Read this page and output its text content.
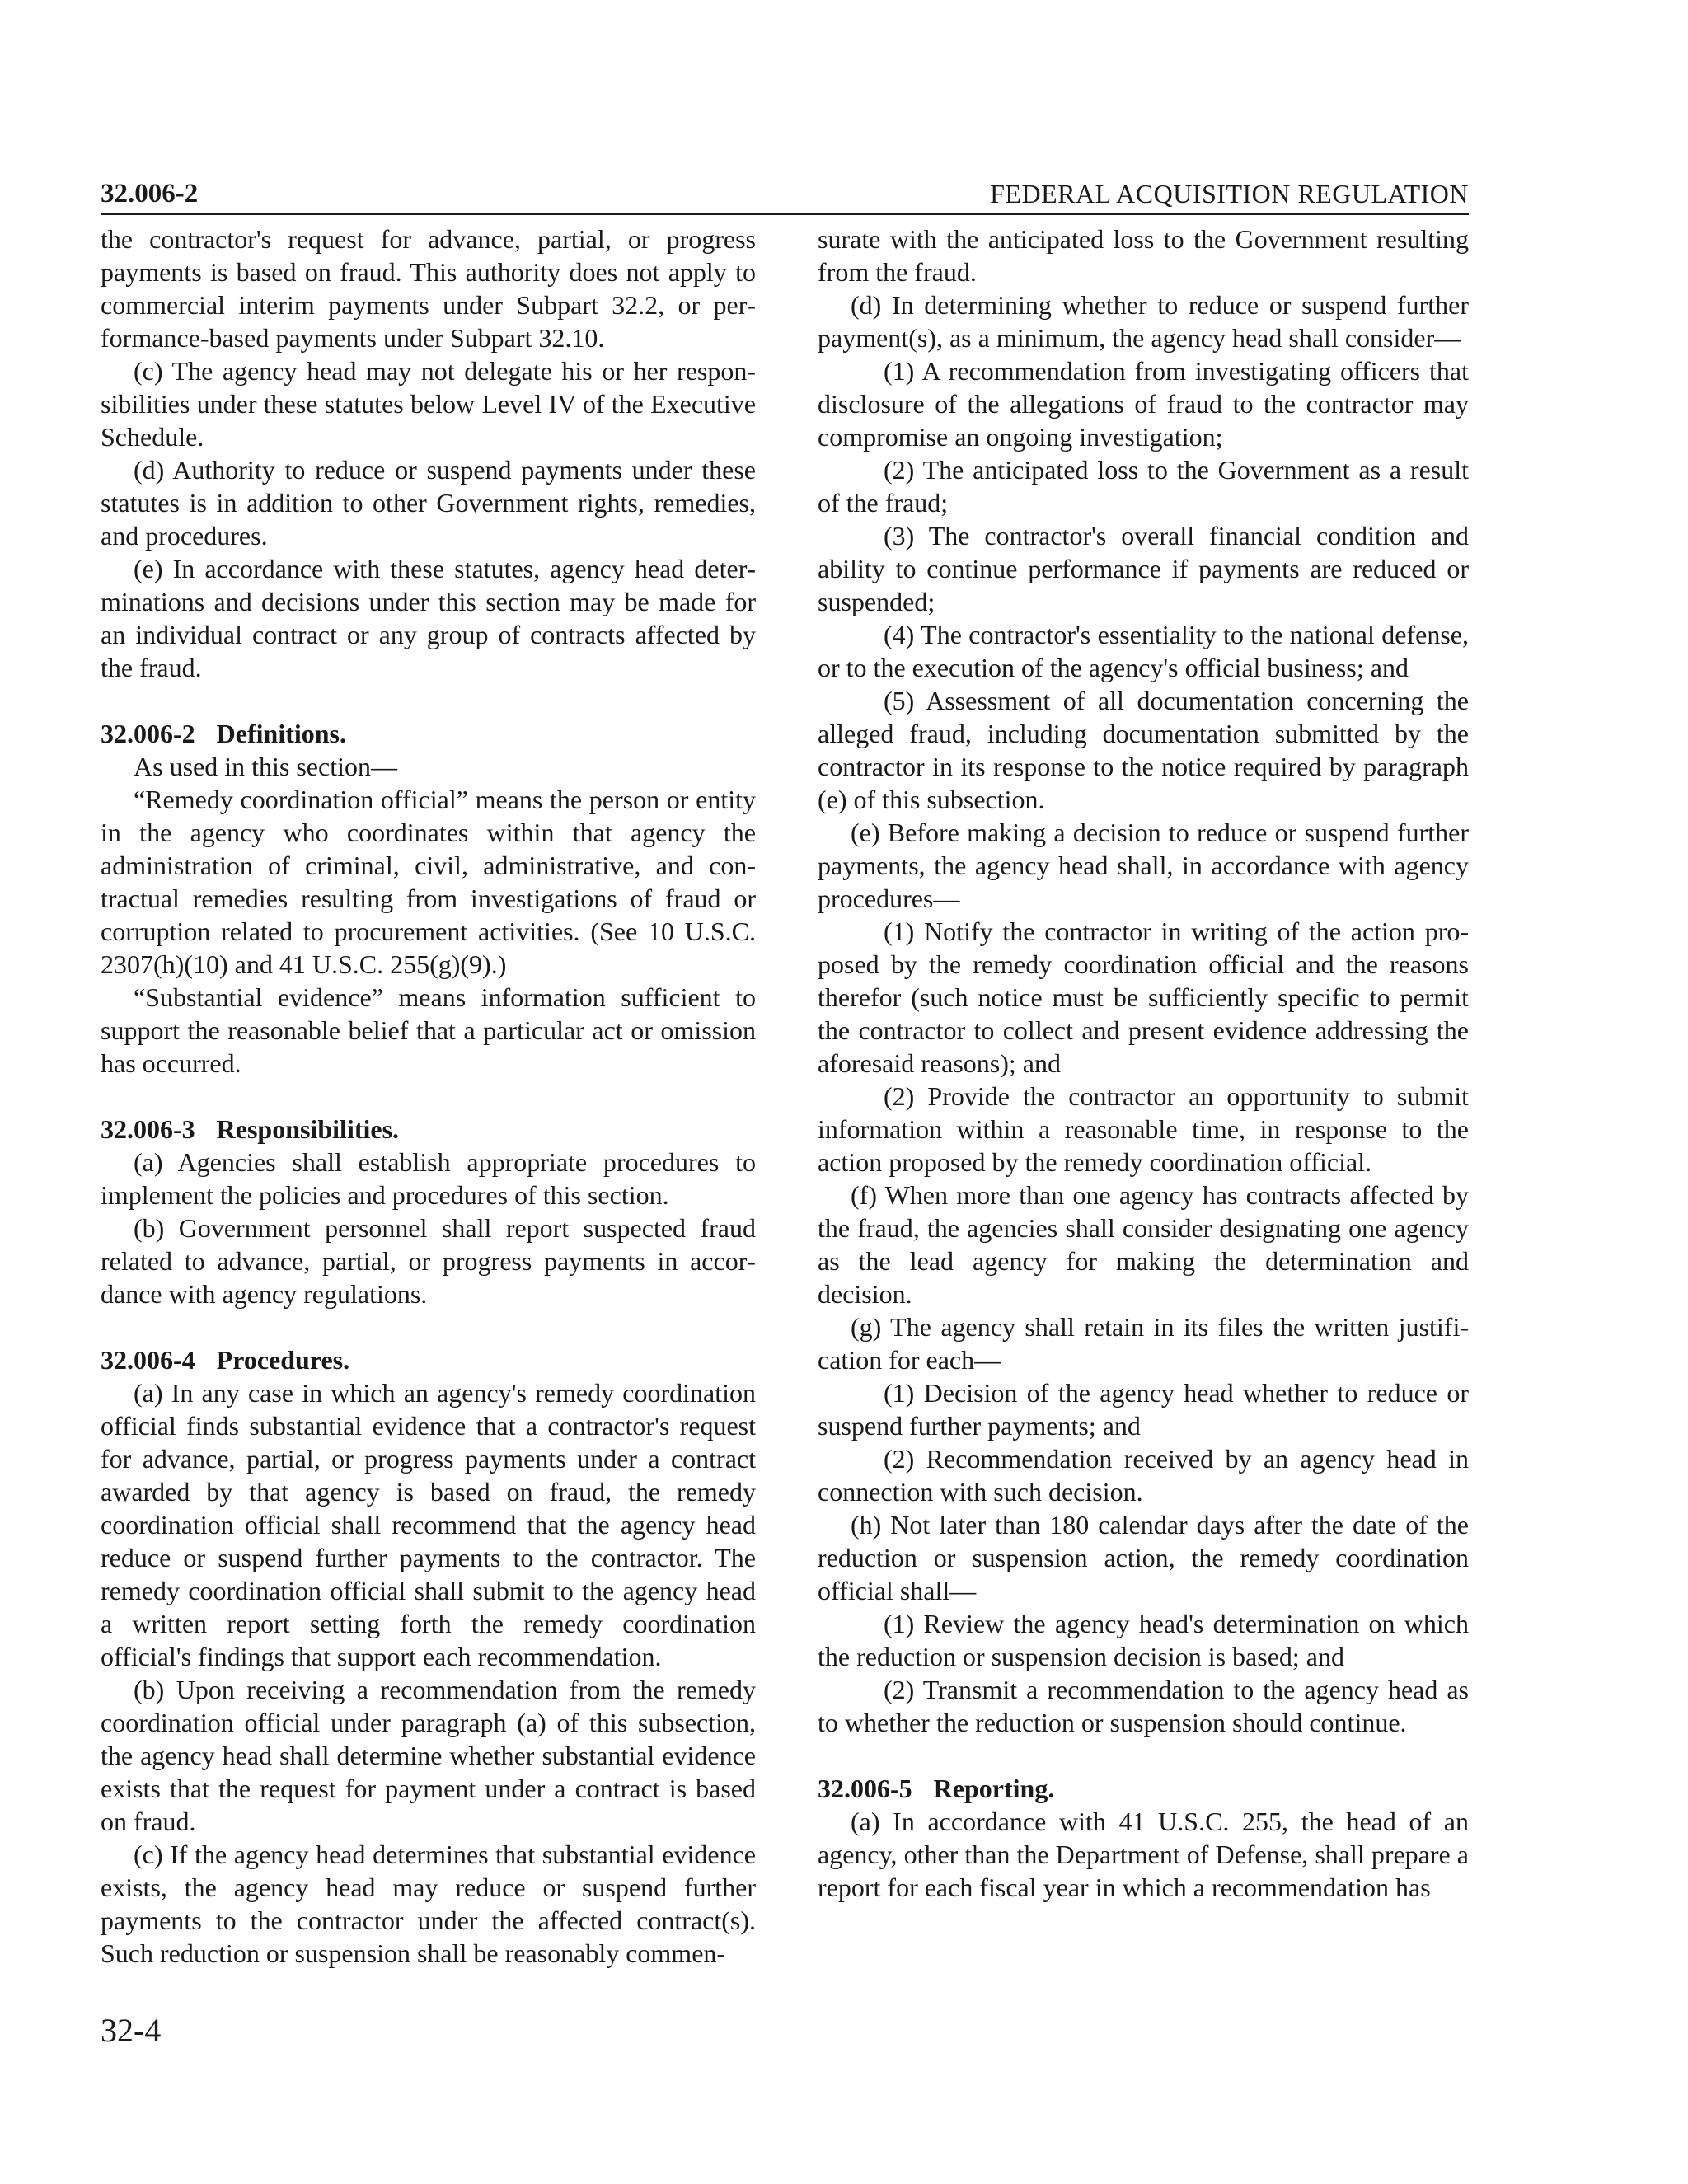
32.006-2	FEDERAL ACQUISITION REGULATION

the contractor's request for advance, partial, or progress payments is based on fraud. This authority does not apply to commercial interim payments under Subpart 32.2, or performance-based payments under Subpart 32.10.

(c) The agency head may not delegate his or her responsibilities under these statutes below Level IV of the Executive Schedule.

(d) Authority to reduce or suspend payments under these statutes is in addition to other Government rights, remedies, and procedures.

(e) In accordance with these statutes, agency head determinations and decisions under this section may be made for an individual contract or any group of contracts affected by the fraud.

32.006-2 Definitions.

As used in this section—

“Remedy coordination official” means the person or entity in the agency who coordinates within that agency the administration of criminal, civil, administrative, and contractual remedies resulting from investigations of fraud or corruption related to procurement activities. (See 10 U.S.C. 2307(h)(10) and 41 U.S.C. 255(g)(9).)

“Substantial evidence” means information sufficient to support the reasonable belief that a particular act or omission has occurred.

32.006-3 Responsibilities.

(a) Agencies shall establish appropriate procedures to implement the policies and procedures of this section.

(b) Government personnel shall report suspected fraud related to advance, partial, or progress payments in accordance with agency regulations.

32.006-4 Procedures.

(a) In any case in which an agency's remedy coordination official finds substantial evidence that a contractor's request for advance, partial, or progress payments under a contract awarded by that agency is based on fraud, the remedy coordination official shall recommend that the agency head reduce or suspend further payments to the contractor. The remedy coordination official shall submit to the agency head a written report setting forth the remedy coordination official's findings that support each recommendation.

(b) Upon receiving a recommendation from the remedy coordination official under paragraph (a) of this subsection, the agency head shall determine whether substantial evidence exists that the request for payment under a contract is based on fraud.

(c) If the agency head determines that substantial evidence exists, the agency head may reduce or suspend further payments to the contractor under the affected contract(s). Such reduction or suspension shall be reasonably commen-

surate with the anticipated loss to the Government resulting from the fraud.

(d) In determining whether to reduce or suspend further payment(s), as a minimum, the agency head shall consider—

(1) A recommendation from investigating officers that disclosure of the allegations of fraud to the contractor may compromise an ongoing investigation;

(2) The anticipated loss to the Government as a result of the fraud;

(3) The contractor's overall financial condition and ability to continue performance if payments are reduced or suspended;

(4) The contractor's essentiality to the national defense, or to the execution of the agency's official business; and

(5) Assessment of all documentation concerning the alleged fraud, including documentation submitted by the contractor in its response to the notice required by paragraph (e) of this subsection.

(e) Before making a decision to reduce or suspend further payments, the agency head shall, in accordance with agency procedures—

(1) Notify the contractor in writing of the action proposed by the remedy coordination official and the reasons therefor (such notice must be sufficiently specific to permit the contractor to collect and present evidence addressing the aforesaid reasons); and

(2) Provide the contractor an opportunity to submit information within a reasonable time, in response to the action proposed by the remedy coordination official.

(f) When more than one agency has contracts affected by the fraud, the agencies shall consider designating one agency as the lead agency for making the determination and decision.

(g) The agency shall retain in its files the written justification for each—

(1) Decision of the agency head whether to reduce or suspend further payments; and

(2) Recommendation received by an agency head in connection with such decision.

(h) Not later than 180 calendar days after the date of the reduction or suspension action, the remedy coordination official shall—

(1) Review the agency head's determination on which the reduction or suspension decision is based; and

(2) Transmit a recommendation to the agency head as to whether the reduction or suspension should continue.

32.006-5 Reporting.

(a) In accordance with 41 U.S.C. 255, the head of an agency, other than the Department of Defense, shall prepare a report for each fiscal year in which a recommendation has

32-4
